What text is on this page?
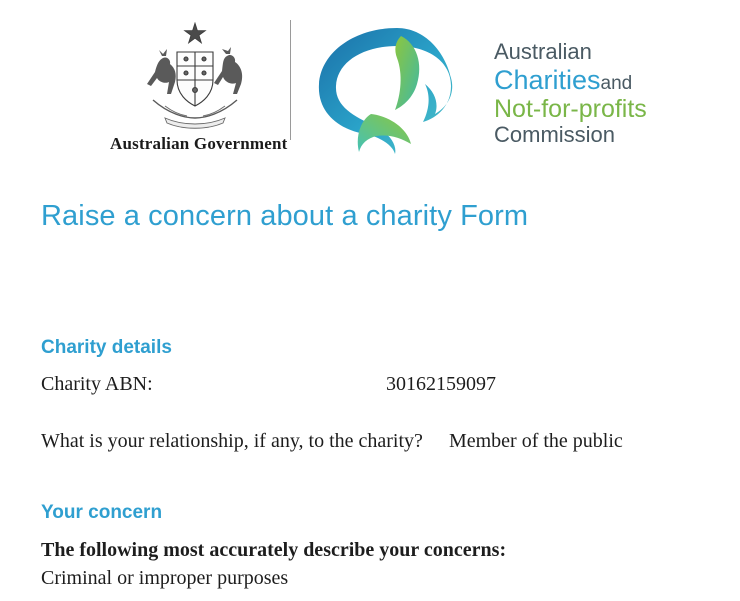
Australian Government
Australian
Charitiesand
Not-for-profits
Commission
Raise a concern about a charity Form
Charity details
Charity ABN:	30162159097
What is your relationship, if any, to the charity? Member of the public
Your concern
The following most accurately describe your concerns:
Criminal or improper purposes
